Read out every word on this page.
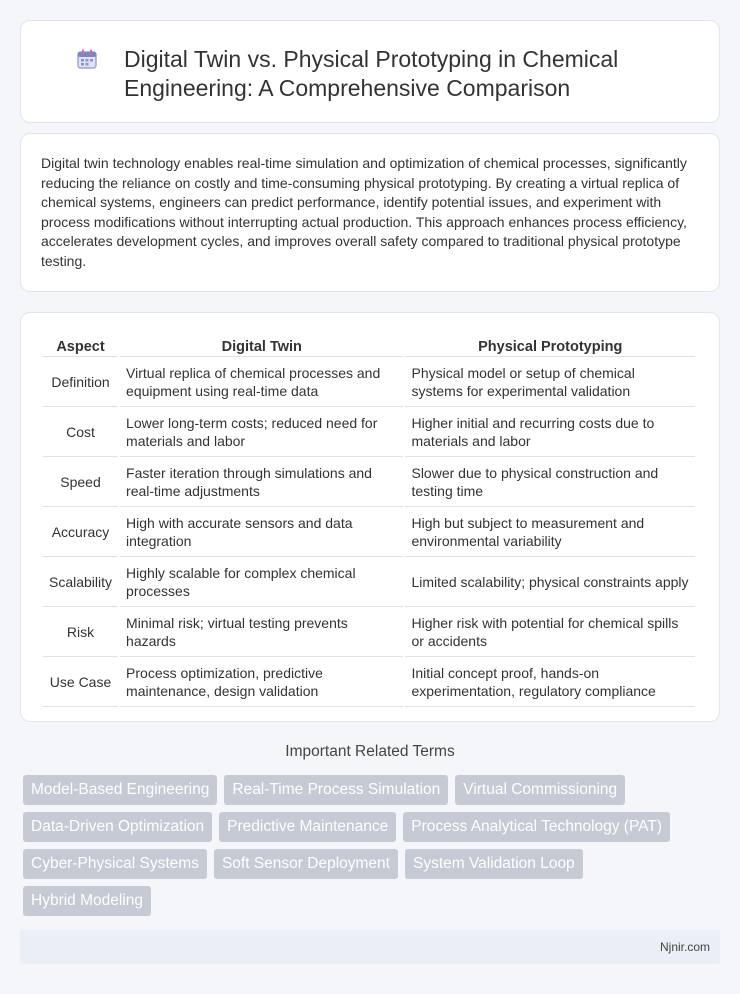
Digital Twin vs. Physical Prototyping in Chemical Engineering: A Comprehensive Comparison

Digital twin technology enables real-time simulation and optimization of chemical processes, significantly reducing the reliance on costly and time-consuming physical prototyping. By creating a virtual replica of chemical systems, engineers can predict performance, identify potential issues, and experiment with process modifications without interrupting actual production. This approach enhances process efficiency, accelerates development cycles, and improves overall safety compared to traditional physical prototype testing.

Aspect	Digital Twin	Physical Prototyping
Definition	Virtual replica of chemical processes and equipment using real-time data	Physical model or setup of chemical systems for experimental validation
Cost	Lower long-term costs; reduced need for materials and labor	Higher initial and recurring costs due to materials and labor
Speed	Faster iteration through simulations and real-time adjustments	Slower due to physical construction and testing time
Accuracy	High with accurate sensors and data integration	High but subject to measurement and environmental variability
Scalability	Highly scalable for complex chemical processes	Limited scalability; physical constraints apply
Risk	Minimal risk; virtual testing prevents hazards	Higher risk with potential for chemical spills or accidents
Use Case	Process optimization, predictive maintenance, design validation	Initial concept proof, hands-on experimentation, regulatory compliance
Important Related Terms
Model-Based Engineering	Real-Time Process Simulation	Virtual Commissioning
Data-Driven Optimization	Predictive Maintenance	Process Analytical Technology (PAT)
Cyber-Physical Systems	Soft Sensor Deployment	System Validation Loop
Hybrid Modeling
Njnir.com
